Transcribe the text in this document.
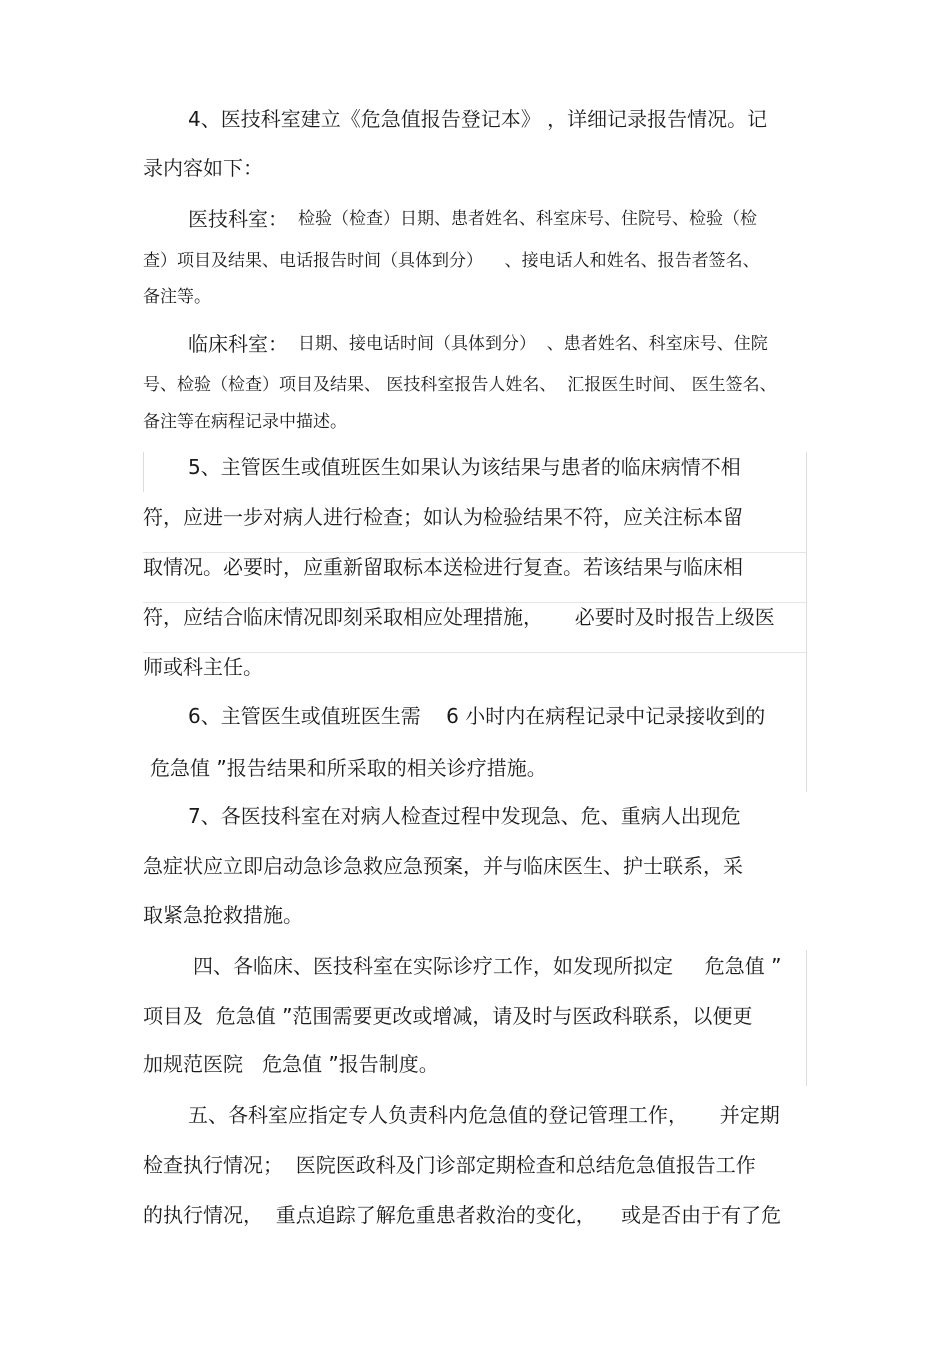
4、医技科室建立《危急值报告登记本》 ，详细记录报告情况。记
录内容如下：
医技科室： 检验（检查）日期、患者姓名、科室床号、住院号、检验（检
查）项目及结果、电话报告时间（具体到分）    、接电话人和姓名、报告者签名、
备注等。
临床科室： 日期、接电话时间（具体到分）  、患者姓名、科室床号、住院
号、检验（检查）项目及结果、 医技科室报告人姓名、  汇报医生时间、 医生签名、
备注等在病程记录中描述。
5、主管医生或值班医生如果认为该结果与患者的临床病情不相
符，应进一步对病人进行检查；如认为检验结果不符，应关注标本留
取情况。必要时，应重新留取标本送检进行复查。若该结果与临床相
符，应结合临床情况即刻采取相应处理措施，     必要时及时报告上级医
师或科主任。
6、主管医生或值班医生需    6 小时内在病程记录中记录接收到的
危急值 ”报告结果和所采取的相关诊疗措施。
7、各医技科室在对病人检查过程中发现急、危、重病人出现危
急症状应立即启动急诊急救应急预案，并与临床医生、护士联系，采
取紧急抢救措施。
四、各临床、医技科室在实际诊疗工作，如发现所拟定     危急值 ”
项目及  危急值 ”范围需要更改或增减，请及时与医政科联系，以便更
加规范医院   危急值 ”报告制度。
五、各科室应指定专人负责科内危急值的登记管理工作，     并定期
检查执行情况；  医院医政科及门诊部定期检查和总结危急值报告工作
的执行情况，  重点追踪了解危重患者救治的变化，    或是否由于有了危
